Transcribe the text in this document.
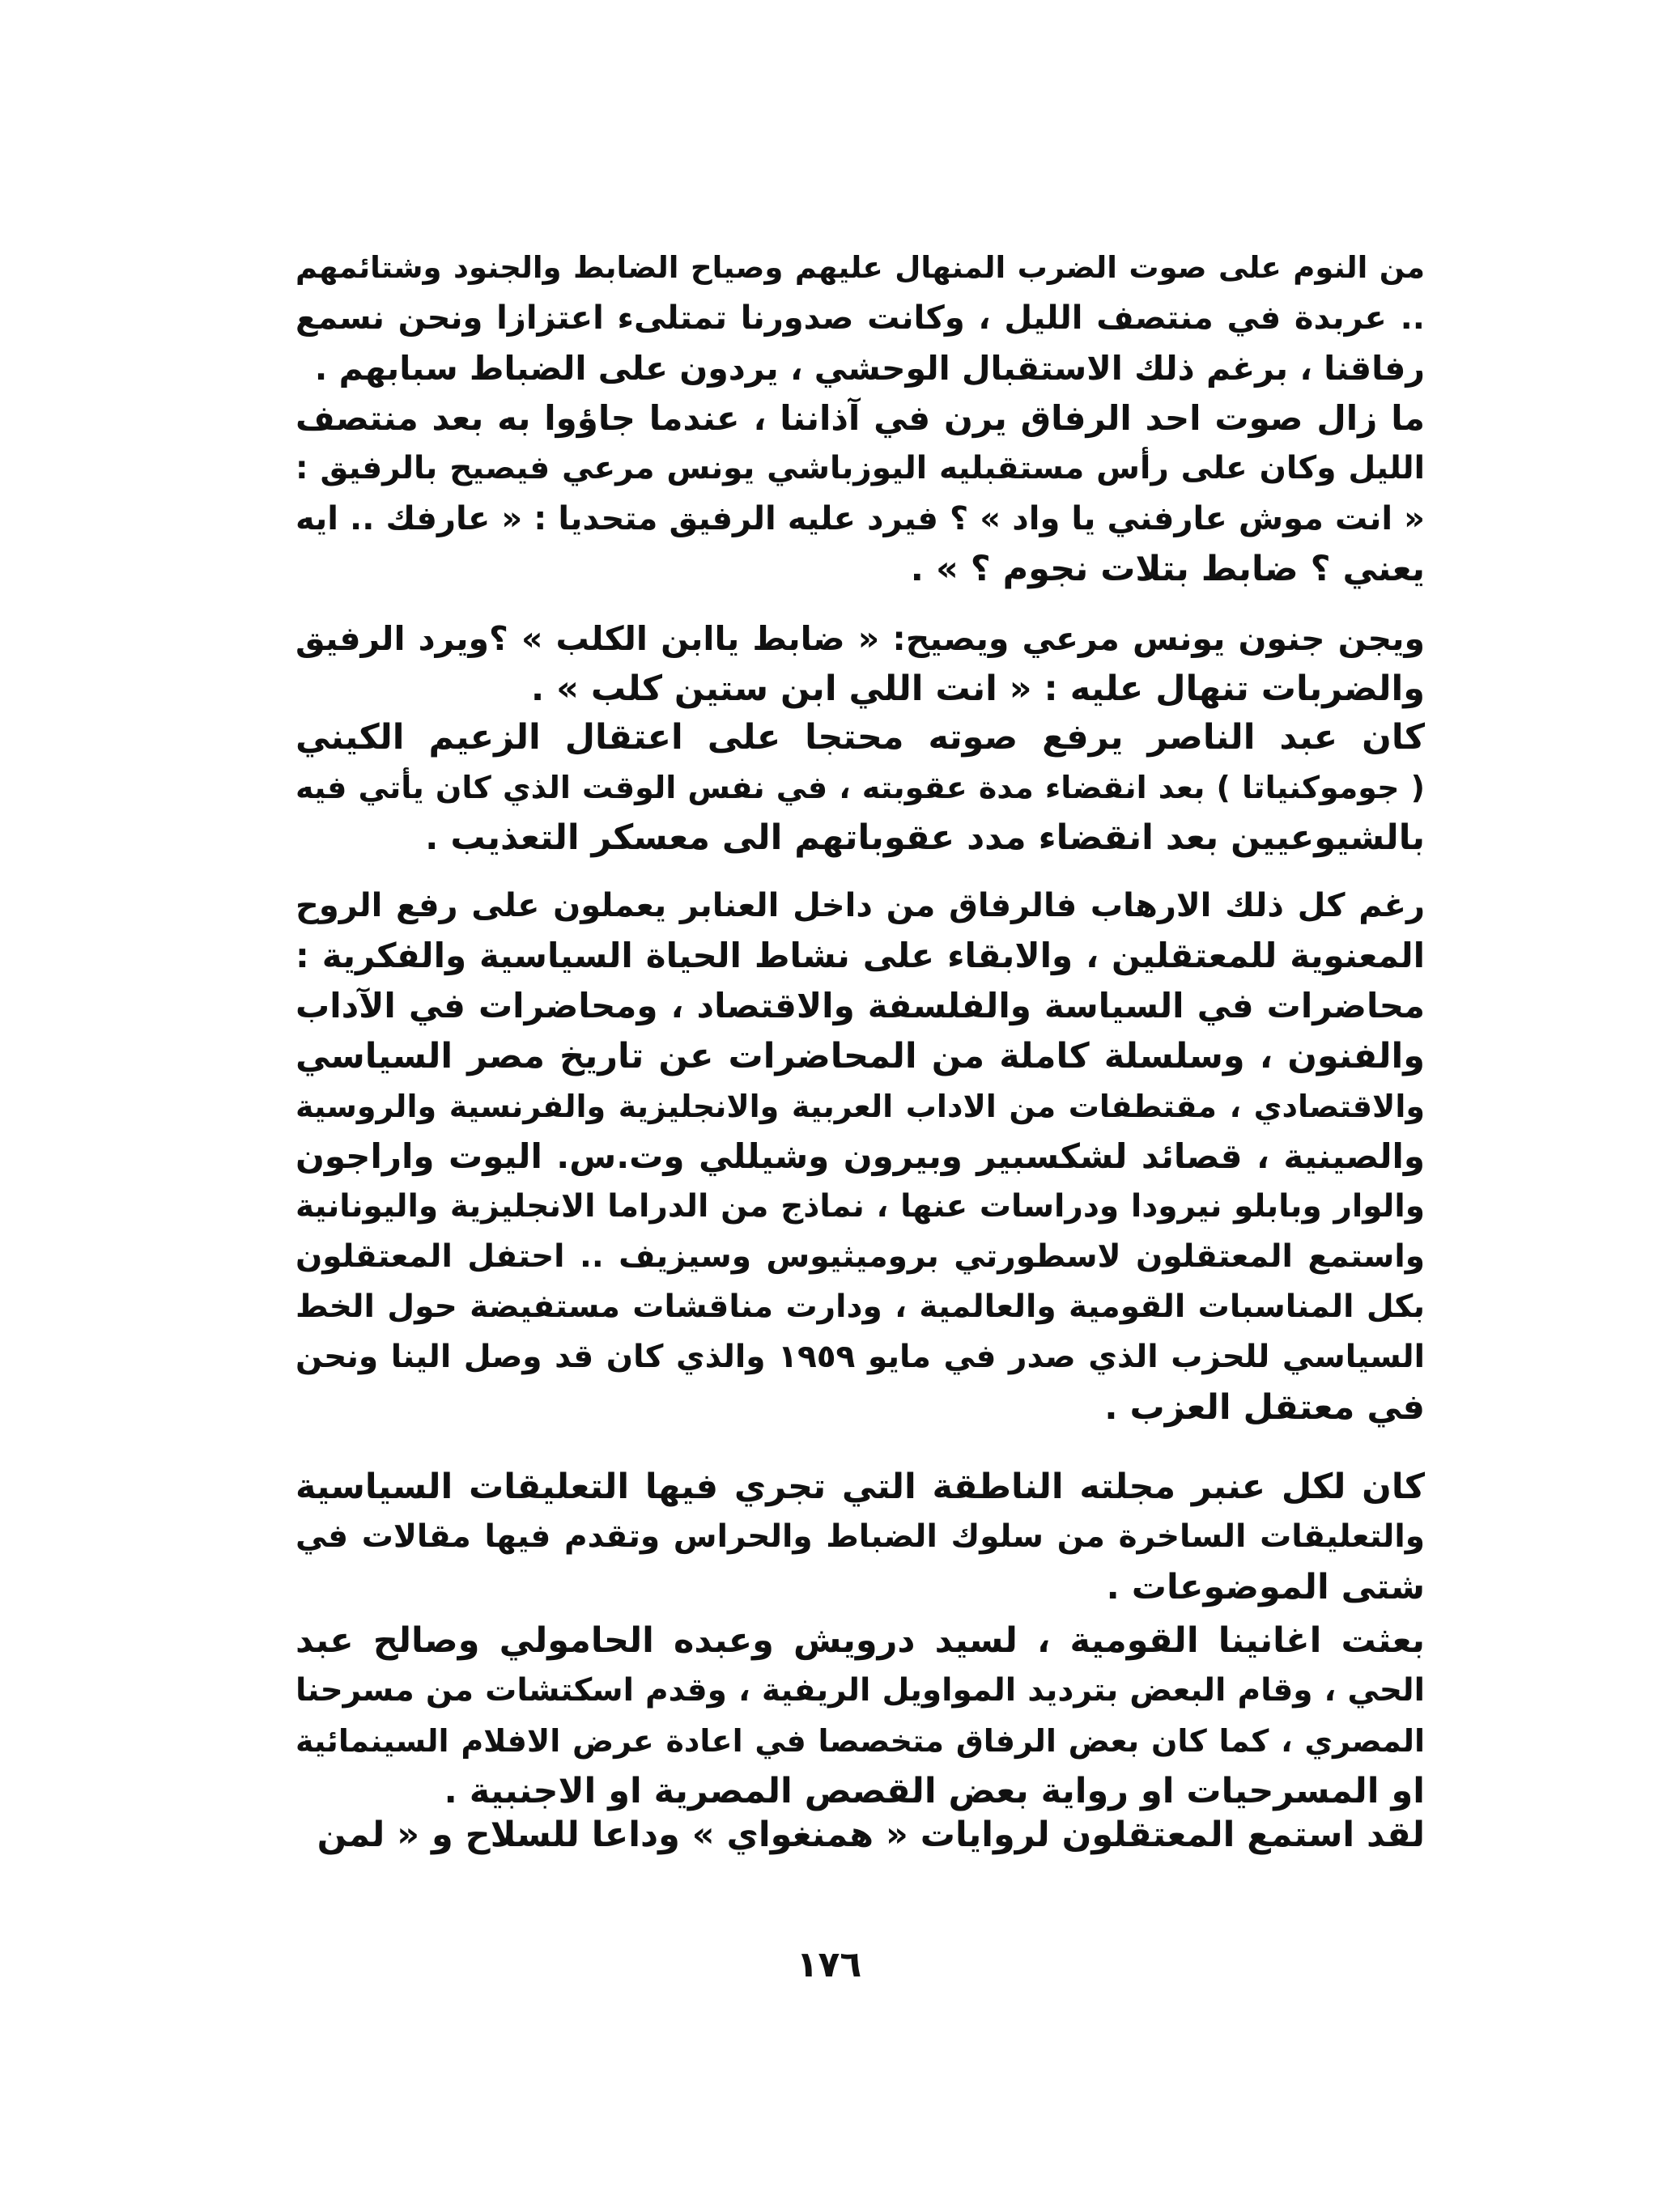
من النوم على صوت الضرب المنهال عليهم وصياح الضابط والجنود وشتائمهم
.. عربدة في منتصف الليل ، وكانت صدورنا تمتلىء اعتزازا ونحن نسمع
رفاقنا ، برغم ذلك الاستقبال الوحشي ، يردون على الضباط سبابهم .

ما زال صوت احد الرفاق يرن في آذاننا ، عندما جاؤوا به بعد منتصف
الليل وكان على رأس مستقبليه اليوزباشي يونس مرعي فيصيح بالرفيق :
« انت موش عارفني يا واد » ؟ فيرد عليه الرفيق متحديا : « عارفك .. ايه
يعني ؟ ضابط بتلات نجوم ؟ » .

ويجن جنون يونس مرعي ويصيح: « ضابط ياابن الكلب » ؟ويرد الرفيق
والضربات تنهال عليه : « انت اللي ابن ستين كلب » .

كان عبد الناصر يرفع صوته محتجا على اعتقال الزعيم الكيني
( جوموكنياتا ) بعد انقضاء مدة عقوبته ، في نفس الوقت الذي كان يأتي فيه
بالشيوعيين بعد انقضاء مدد عقوباتهم الى معسكر التعذيب .

رغم كل ذلك الارهاب فالرفاق من داخل العنابر يعملون على رفع الروح
المعنوية للمعتقلين ، والابقاء على نشاط الحياة السياسية والفكرية :
محاضرات في السياسة والفلسفة والاقتصاد ، ومحاضرات في الآداب
والفنون ، وسلسلة كاملة من المحاضرات عن تاريخ مصر السياسي
والاقتصادي ، مقتطفات من الاداب العربية والانجليزية والفرنسية والروسية
والصينية ، قصائد لشكسبير وبيرون وشيللي وت.س. اليوت واراجون
والوار وبابلو نيرودا ودراسات عنها ، نماذج من الدراما الانجليزية واليونانية
واستمع المعتقلون لاسطورتي بروميثيوس وسيزيف .. احتفل المعتقلون
بكل المناسبات القومية والعالمية ، ودارت مناقشات مستفيضة حول الخط
السياسي للحزب الذي صدر في مايو ١٩٥٩ والذي كان قد وصل الينا ونحن
في معتقل العزب .

كان لكل عنبر مجلته الناطقة التي تجري فيها التعليقات السياسية
والتعليقات الساخرة من سلوك الضباط والحراس وتقدم فيها مقالات في
شتى الموضوعات .

بعثت اغانينا القومية ، لسيد درويش وعبده الحامولي وصالح عبد
الحي ، وقام البعض بترديد المواويل الريفية ، وقدم اسكتشات من مسرحنا
المصري ، كما كان بعض الرفاق متخصصا في اعادة عرض الافلام السينمائية
او المسرحيات او رواية بعض القصص المصرية او الاجنبية .

لقد استمع المعتقلون لروايات « همنغواي » وداعا للسلاح و « لمن

١٧٦
